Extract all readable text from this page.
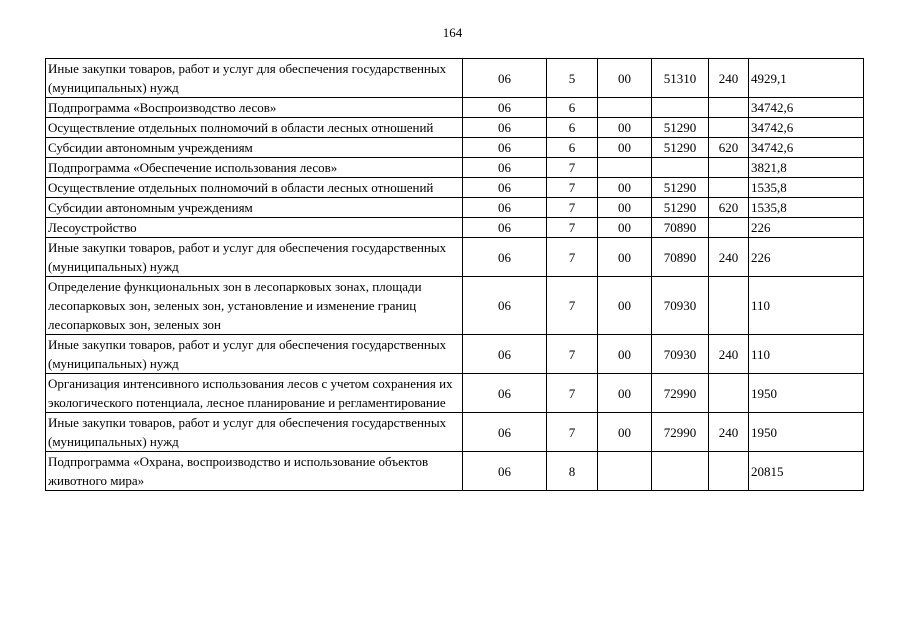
164
Иные закупки товаров, работ и услуг для обеспечения государственных (муниципальных) нужд	06	5	00	51310	240	4929,1
Подпрограмма «Воспроизводство лесов»	06	6				34742,6
Осуществление отдельных полномочий в области лесных отношений	06	6	00	51290		34742,6
Субсидии автономным учреждениям	06	6	00	51290	620	34742,6
Подпрограмма «Обеспечение использования лесов»	06	7				3821,8
Осуществление отдельных полномочий в области лесных отношений	06	7	00	51290		1535,8
Субсидии автономным учреждениям	06	7	00	51290	620	1535,8
Лесоустройство	06	7	00	70890		226
Иные закупки товаров, работ и услуг для обеспечения государственных (муниципальных) нужд	06	7	00	70890	240	226
Определение функциональных зон в лесопарковых зонах, площади лесопарковых зон, зеленых зон, установление и изменение границ лесопарковых зон, зеленых зон	06	7	00	70930		110
Иные закупки товаров, работ и услуг для обеспечения государственных (муниципальных) нужд	06	7	00	70930	240	110
Организация интенсивного использования лесов с учетом сохранения их экологического потенциала, лесное планирование и регламентирование	06	7	00	72990		1950
Иные закупки товаров, работ и услуг для обеспечения государственных (муниципальных) нужд	06	7	00	72990	240	1950
Подпрограмма «Охрана, воспроизводство и использование объектов животного мира»	06	8				20815
